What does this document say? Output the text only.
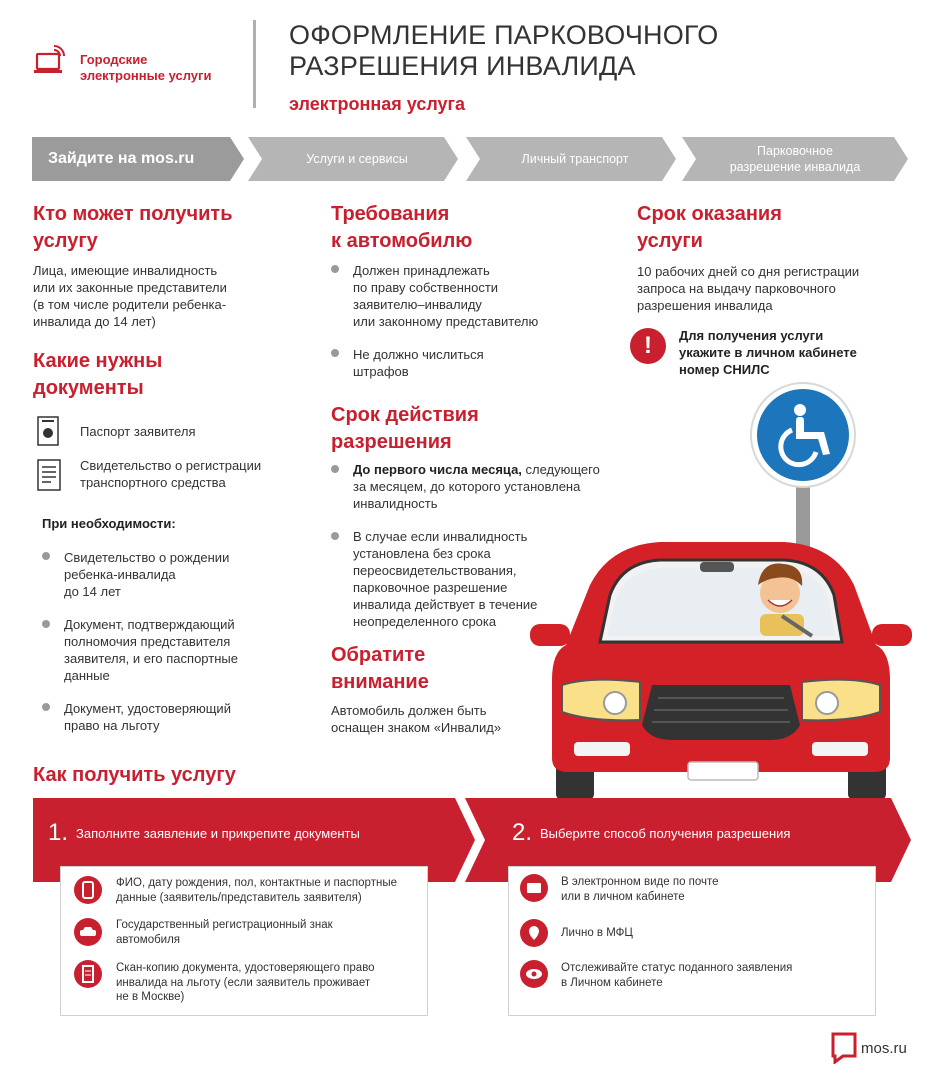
Городские
электронные услуги
ОФОРМЛЕНИЕ ПАРКОВОЧНОГО
РАЗРЕШЕНИЯ ИНВАЛИДА
электронная услуга
Зайдите на mos.ru	Услуги и сервисы	Личный транспорт
Парковочное
разрешение инвалида
Кто может получить
услугу
Лица, имеющие инвалидность
или их законные представители
(в том числе родители ребенка-
инвалида до 14 лет)
Какие нужны
документы
Паспорт заявителя
Свидетельство о регистрации
транспортного средства
При необходимости:
Свидетельство о рождении
ребенка-инвалида
до 14 лет
Документ, подтверждающий
полномочия представителя
заявителя, и его паспортные
данные
Документ, удостоверяющий
право на льготу
Требования
к автомобилю
Должен принадлежать
по праву собственности
заявителю–инвалиду
или законному представителю
Не должно числиться
штрафов
Срок действия
разрешения
До первого числа месяца, следующего
за месяцем, до которого установлена
инвалидность
В случае если инвалидность
установлена без срока
переосвидетельствования,
парковочное разрешение
инвалида действует в течение
неопределенного срока
Обратите
внимание
Автомобиль должен быть
оснащен знаком «Инвалид»
Срок оказания
услуги
10 рабочих дней со дня регистрации
запроса на выдачу парковочного
разрешения инвалида
!	Для получения услуги
укажите в личном кабинете
номер СНИЛС
Как получить услугу
1. Заполните заявление и прикрепите документы	2. Выберите способ получения разрешения
ФИО, дату рождения, пол, контактные и паспортные
данные (заявитель/представитель заявителя)
Государственный регистрационный знак
автомобиля
Скан-копию документа, удостоверяющего право
инвалида на льготу (если заявитель проживает
не в Москве)
В электронном виде по почте
или в личном кабинете
Лично в МФЦ
Отслеживайте статус поданного заявления
в Личном кабинете
mos.ru
